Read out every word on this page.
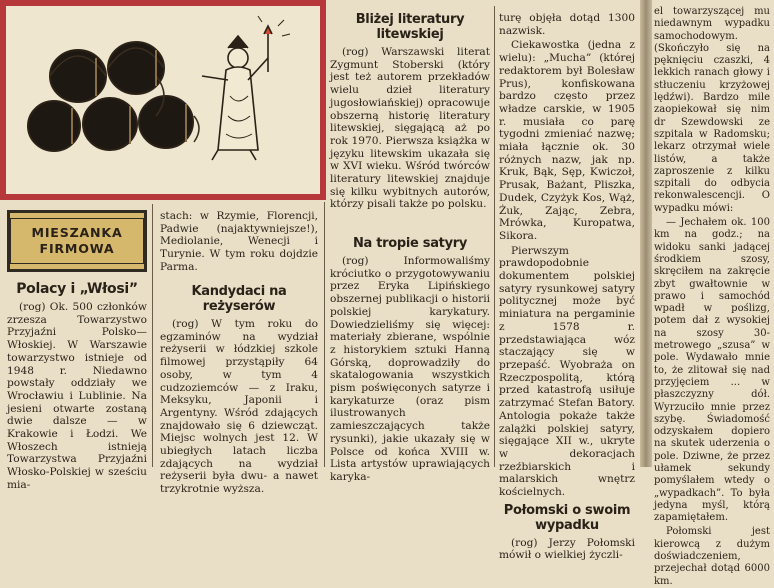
MIESZANKA FIRMOWA
Polacy i „Włosi”

(rog) Ok. 500 członków zrzesza Towarzystwo Przyjaźni Polsko—Włoskiej. W Warszawie towarzystwo istnieje od 1948 r. Niedawno powstały oddziały we Wrocławiu i Lublinie. Na jesieni otwarte zostaną dwie dalsze — w Krakowie i Łodzi. We Włoszech istnieją Towarzystwa Przyjaźni Włosko-Polskiej w sześciu mia-

stach: w Rzymie, Florencji, Padwie (najaktywniejsze!), Mediolanie, Wenecji i Turynie. W tym roku dojdzie Parma.

Kandydaci na reżyserów

(rog) W tym roku do egzaminów na wydział reżyserii w łódzkiej szkole filmowej przystąpiły 64 osoby, w tym 4 cudzoziemców — z Iraku, Meksyku, Japonii i Argentyny. Wśród zdających znajdowało się 6 dziewcząt. Miejsc wolnych jest 12. W ubiegłych latach liczba zdających na wydział reżyserii była dwu- a nawet trzykrotnie wyższa.

Bliżej literatury litewskiej

(rog) Warszawski literat Zygmunt Stoberski (który jest też autorem przekładów wielu dzieł literatury jugosłowiańskiej) opracowuje obszerną historię literatury litewskiej, sięgającą aż po rok 1970. Pierwsza książka w języku litewskim ukazała się w XVI wieku. Wśród twórców literatury litewskiej znajduje się kilku wybitnych autorów, którzy pisali także po polsku.

Na tropie satyry

(rog) Informowaliśmy króciutko o przygotowywaniu przez Eryka Lipińskiego obszernej publikacji o historii polskiej karykatury. Dowiedzieliśmy się więcej: materiały zbierane, wspólnie z historykiem sztuki Hanną Górską, doprowadziły do skatalogowania wszystkich pism poświęconych satyrze i karykaturze (oraz pism ilustrowanych zamieszczających także rysunki), jakie ukazały się w Polsce od końca XVIII w. Lista artystów uprawiających karyka-

turę objęła dotąd 1300 nazwisk.

Ciekawostka (jedna z wielu): „Mucha” (której redaktorem był Bolesław Prus), konfiskowana bardzo często przez władze carskie, w 1905 r. musiała co parę tygodni zmieniać nazwę; miała łącznie ok. 30 różnych nazw, jak np. Kruk, Bąk, Sęp, Kwiczoł, Prusak, Bażant, Pliszka, Dudek, Czyżyk Kos, Wąż, Żuk, Zając, Zebra, Mrówka, Kuropatwa, Sikora.

Pierwszym prawdopodobnie dokumentem polskiej satyry rysunkowej satyry politycznej może być miniatura na pergaminie z 1578 r. przedstawiająca wóz staczający się w przepaść. Wyobraża on Rzeczpospolitą, którą przed katastrofą usiłuje zatrzymać Stefan Batory. Antologia pokaże także zalążki polskiej satyry, sięgające XII w., ukryte w dekoracjach rzeźbiarskich i malarskich wnętrz kościelnych.

Połomski o swoim wypadku

(rog) Jerzy Połomski mówił o wielkiej życzli-

el towarzyszącej mu niedawnym wypadku samochodowym. (Skończyło się na pęknięciu czaszki, 4 lekkich ranach głowy i stłuczeniu krzyżowej lędźwi). Bardzo mile zaopiekował się nim dr Szewdowski ze szpitala w Radomsku; lekarz otrzymał wiele listów, a także zaproszenie z kilku szpitali do odbycia rekonwalescencji. O wypadku mówi:

— Jechałem ok. 100 km na godz.; na widoku sanki jadącej środkiem szosy, skręciłem na zakręcie zbyt gwałtownie w prawo i samochód wpadł w poślizg, potem dał z wysokiej na szosy 30-metrowego „szusa” w pole. Wydawało mnie to, że zlitował się nad przyjęciem ... w płaszczyzny dół. Wyrzuciło mnie przez szybę. Świadomość odzyskałem dopiero na skutek uderzenia o pole. Dziwne, że przez ułamek sekundy pomyślałem wtedy o „wypadkach”. To była jedyna myśl, którą zapamiętałem.

Połomski jest kierowcą z dużym doświadczeniem, przejechał dotąd 6000 km.
